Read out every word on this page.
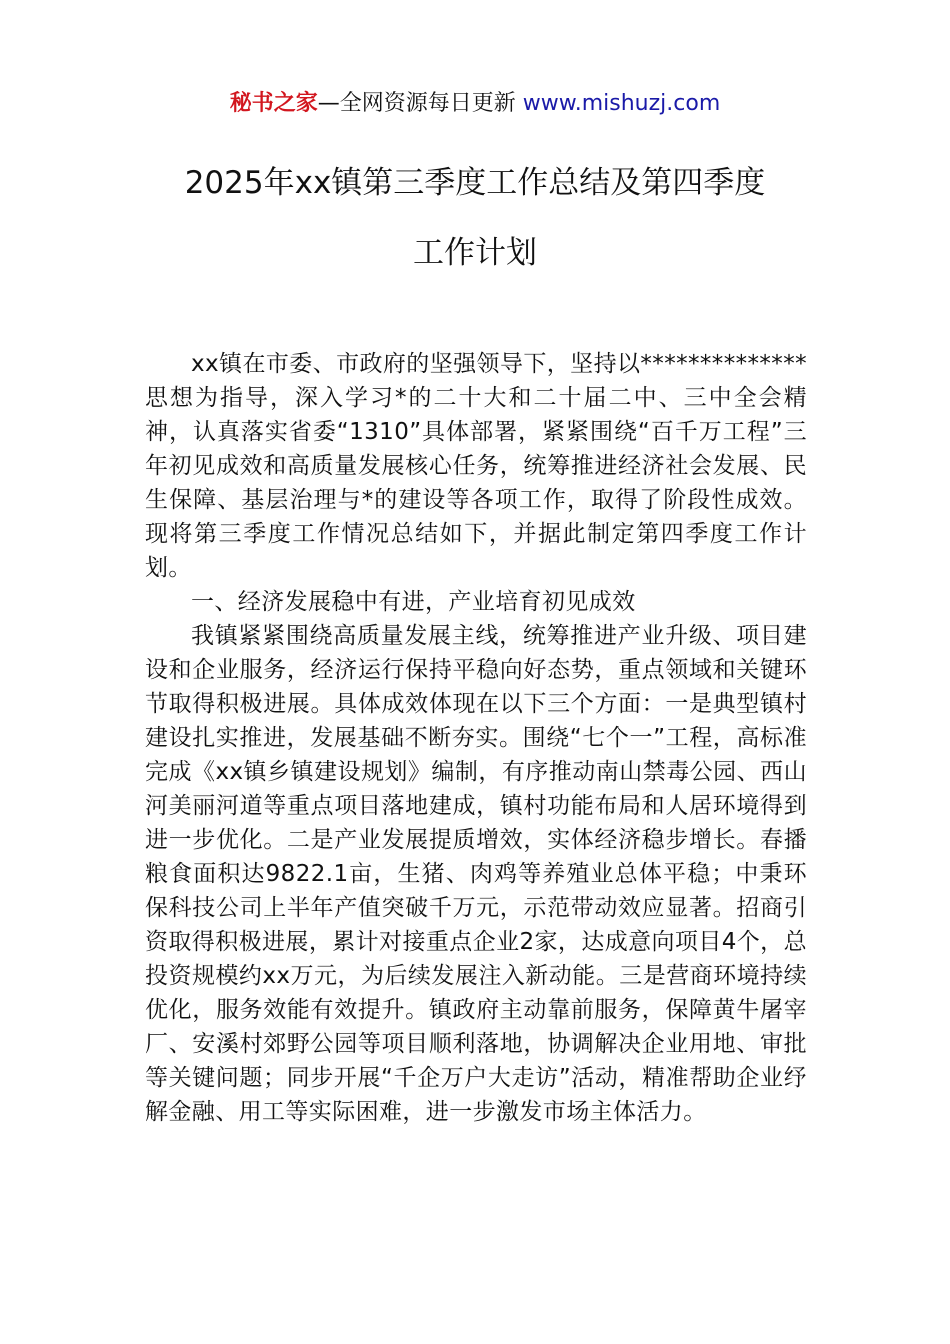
秘书之家—全网资源每日更新 www.mishuzj.com
2025年xx镇第三季度工作总结及第四季度
工作计划

xx镇在市委、市政府的坚强领导下，坚持以**************思想为指导，深入学习*的二十大和二十届二中、三中全会精神，认真落实省委“1310”具体部署，紧紧围绕“百千万工程”三年初见成效和高质量发展核心任务，统筹推进经济社会发展、民生保障、基层治理与*的建设等各项工作，取得了阶段性成效。现将第三季度工作情况总结如下，并据此制定第四季度工作计划。

一、经济发展稳中有进，产业培育初见成效

我镇紧紧围绕高质量发展主线，统筹推进产业升级、项目建设和企业服务，经济运行保持平稳向好态势，重点领域和关键环节取得积极进展。具体成效体现在以下三个方面：一是典型镇村建设扎实推进，发展基础不断夯实。围绕“七个一”工程，高标准完成《xx镇乡镇建设规划》编制，有序推动南山禁毒公园、西山河美丽河道等重点项目落地建成，镇村功能布局和人居环境得到进一步优化。二是产业发展提质增效，实体经济稳步增长。春播粮食面积达9822.1亩，生猪、肉鸡等养殖业总体平稳；中秉环保科技公司上半年产值突破千万元，示范带动效应显著。招商引资取得积极进展，累计对接重点企业2家，达成意向项目4个，总投资规模约xx万元，为后续发展注入新动能。三是营商环境持续优化，服务效能有效提升。镇政府主动靠前服务，保障黄牛屠宰厂、安溪村郊野公园等项目顺利落地，协调解决企业用地、审批等关键问题；同步开展“千企万户大走访”活动，精准帮助企业纾解金融、用工等实际困难，进一步激发市场主体活力。
